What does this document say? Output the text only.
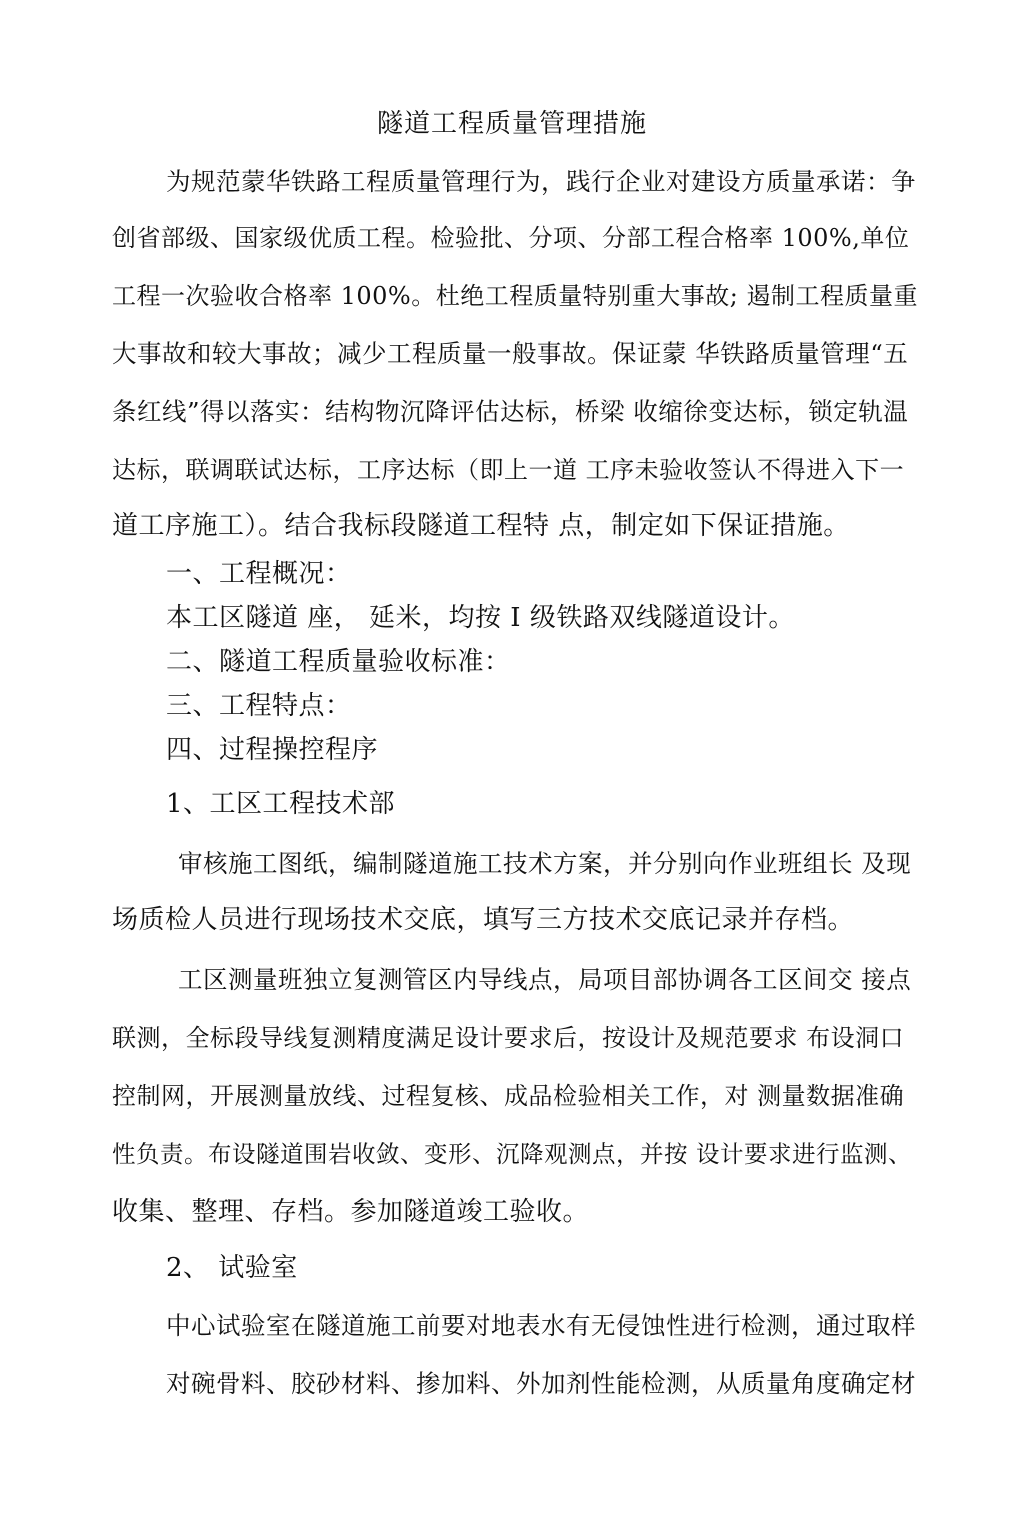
隧道工程质量管理措施
为规范蒙华铁路工程质量管理行为，践行企业对建设方质量承诺：争
创省部级、国家级优质工程。检验批、分项、分部工程合格率 100%,单位
工程一次验收合格率 100%。杜绝工程质量特别重大事故; 遏制工程质量重
大事故和较大事故；减少工程质量一般事故。保证蒙 华铁路质量管理“五
条红线”得以落实：结构物沉降评估达标，桥梁 收缩徐变达标，锁定轨温
达标，联调联试达标，工序达标（即上一道 工序未验收签认不得进入下一
道工序施工）。结合我标段隧道工程特 点，制定如下保证措施。
一、工程概况：
本工区隧道 座， 延米，均按 I 级铁路双线隧道设计。
二、隧道工程质量验收标准：
三、工程特点：
四、过程操控程序
1、工区工程技术部
审核施工图纸，编制隧道施工技术方案，并分别向作业班组长 及现
场质检人员进行现场技术交底，填写三方技术交底记录并存档。
工区测量班独立复测管区内导线点，局项目部协调各工区间交 接点
联测，全标段导线复测精度满足设计要求后，按设计及规范要求 布设洞口
控制网，开展测量放线、过程复核、成品检验相关工作，对 测量数据准确
性负责。布设隧道围岩收敛、变形、沉降观测点，并按 设计要求进行监测、
收集、整理、存档。参加隧道竣工验收。
2、 试验室
中心试验室在隧道施工前要对地表水有无侵蚀性进行检测，通过取样
对碗骨料、胶砂材料、掺加料、外加剂性能检测，从质量角度确定材
